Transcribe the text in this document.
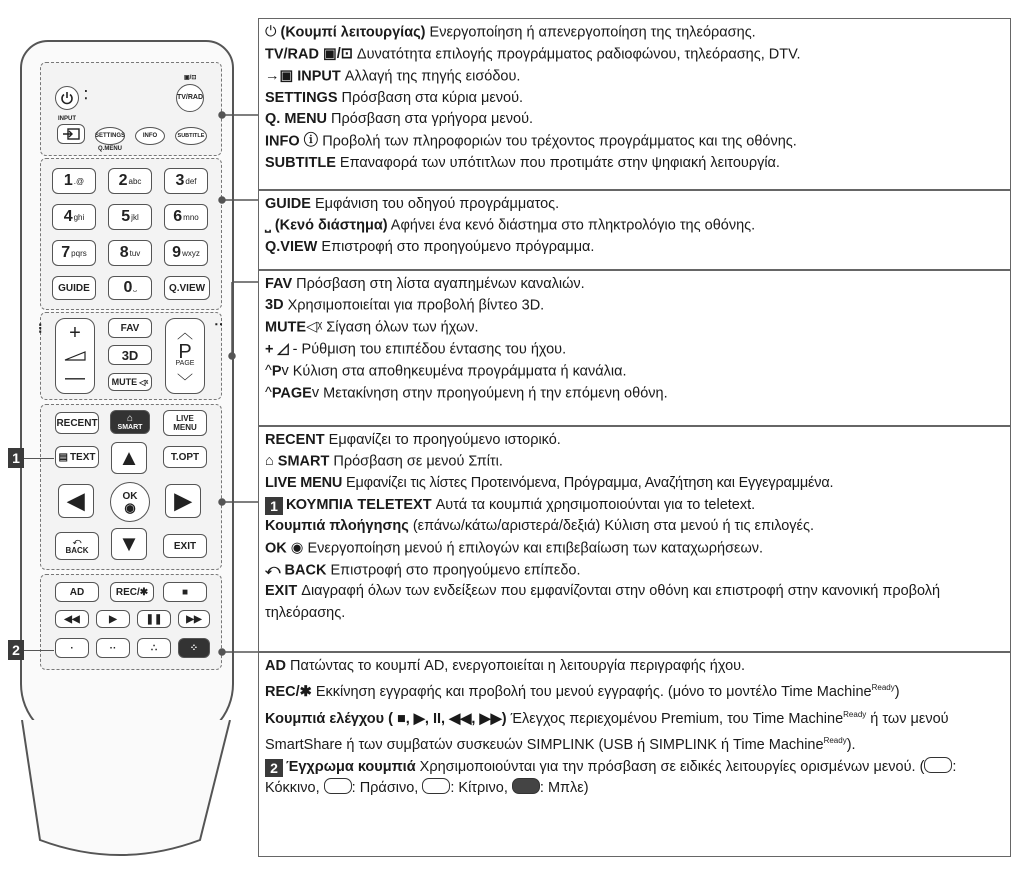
⁚	TV/RAD
▣/⊡
INPUT
SETTINGS	INFO	SUBTITLE
Q.MENU
1 .@ 2 abc 3 def
4 ghi 5 jkl 6 mno
7 pqrs 8 tuv 9 wxyz
GUIDE	0 ⎵	Q.VIEW
⁝	‥
+
—
FAV
3D
MUTE ◁ᵡ
︿
P
PAGE
﹀
RECENT	⌂
SMART
LIVE MENU
▤ TEXT	T.OPT
▲
◀	OK
◉ ▶
▼
⤺
BACK	EXIT
AD	REC/✱	■
◀◀	▶	❚❚ ▶▶
·	··	∴	⁘
1
2
⏻ (Κουμπί λειτουργίας) Ενεργοποίηση ή απενεργοποίηση της τηλεόρασης.
TV/RAD ▣/⊡ Δυνατότητα επιλογής προγράμματος ραδιοφώνου, τηλεόρασης, DTV.
→▣ INPUT Αλλαγή της πηγής εισόδου.
SETTINGS Πρόσβαση στα κύρια μενού.
Q. MENU Πρόσβαση στα γρήγορα μενού.
INFO ⓘ Προβολή των πληροφοριών του τρέχοντος προγράμματος και της οθόνης.
SUBTITLE Επαναφορά των υπότιτλων που προτιμάτε στην ψηφιακή λειτουργία.
GUIDE Εμφάνιση του οδηγού προγράμματος.
⎵ (Κενό διάστημα) Αφήνει ένα κενό διάστημα στο πληκτρολόγιο της οθόνης.
Q.VIEW Επιστροφή στο προηγούμενο πρόγραμμα.
FAV Πρόσβαση στη λίστα αγαπημένων καναλιών.
3D Χρησιμοποιείται για προβολή βίντεο 3D.
MUTE◁ᵡ Σίγαση όλων των ήχων.
+ ◿ - Ρύθμιση του επιπέδου έντασης του ήχου.
^Pv Κύλιση στα αποθηκευμένα προγράμματα ή κανάλια.
^PAGEv Μετακίνηση στην προηγούμενη ή την επόμενη οθόνη.
RECENT Εμφανίζει το προηγούμενο ιστορικό.
⌂ SMART Πρόσβαση σε μενού Σπίτι.
LIVE MENU Εμφανίζει τις λίστες Προτεινόμενα, Πρόγραμμα, Αναζήτηση και Εγγεγραμμένα.
1 ΚΟΥΜΠΙΑ TELETEXT Αυτά τα κουμπιά χρησιμοποιούνται για το teletext.
Κουμπιά πλοήγησης (επάνω/κάτω/αριστερά/δεξιά) Κύλιση στα μενού ή τις επιλογές.
OK ◉ Ενεργοποίηση μενού ή επιλογών και επιβεβαίωση των καταχωρήσεων.
⤺ BACK Επιστροφή στο προηγούμενο επίπεδο.
EXIT Διαγραφή όλων των ενδείξεων που εμφανίζονται στην οθόνη και επιστροφή στην κανονική προβολή τηλεόρασης.
AD Πατώντας το κουμπί AD, ενεργοποιείται η λειτουργία περιγραφής ήχου.
REC/✱ Εκκίνηση εγγραφής και προβολή του μενού εγγραφής. (μόνο το μοντέλο Time Machine$^{Ready}$)
Κουμπιά ελέγχου ( ■, ▶, II, ◀◀, ▶▶) Έλεγχος περιεχομένου Premium, του Time Machine$^{Ready}$ ή των μενού SmartShare ή των συμβατών συσκευών SIMPLINK (USB ή SIMPLINK ή Time Machine$^{Ready}$).
2 Έγχρωμα κουμπιά Χρησιμοποιούνται για την πρόσβαση σε ειδικές λειτουργίες ορισμένων μενού. ( : Κόκκινο, : Πράσινο, : Κίτρινο, : Μπλε)
